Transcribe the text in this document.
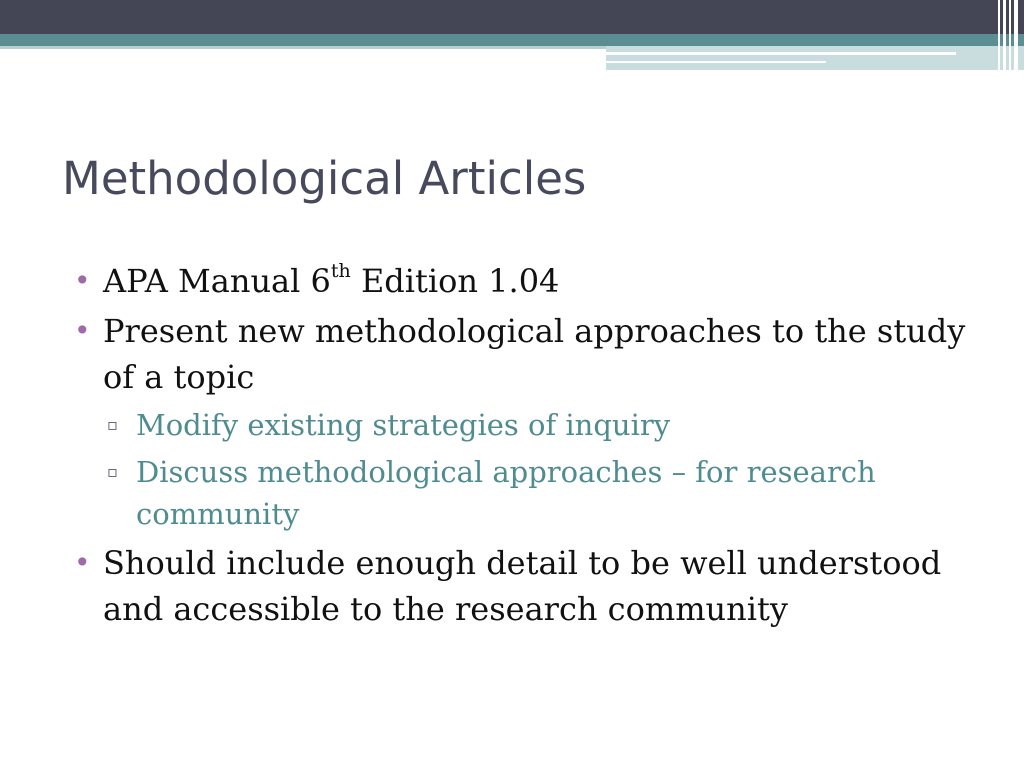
Methodological Articles

• APA Manual 6th Edition 1.04

• Present new methodological approaches to the study of a topic

▫ Modify existing strategies of inquiry

▫ Discuss methodological approaches – for research community

• Should include enough detail to be well understood and accessible to the research community
